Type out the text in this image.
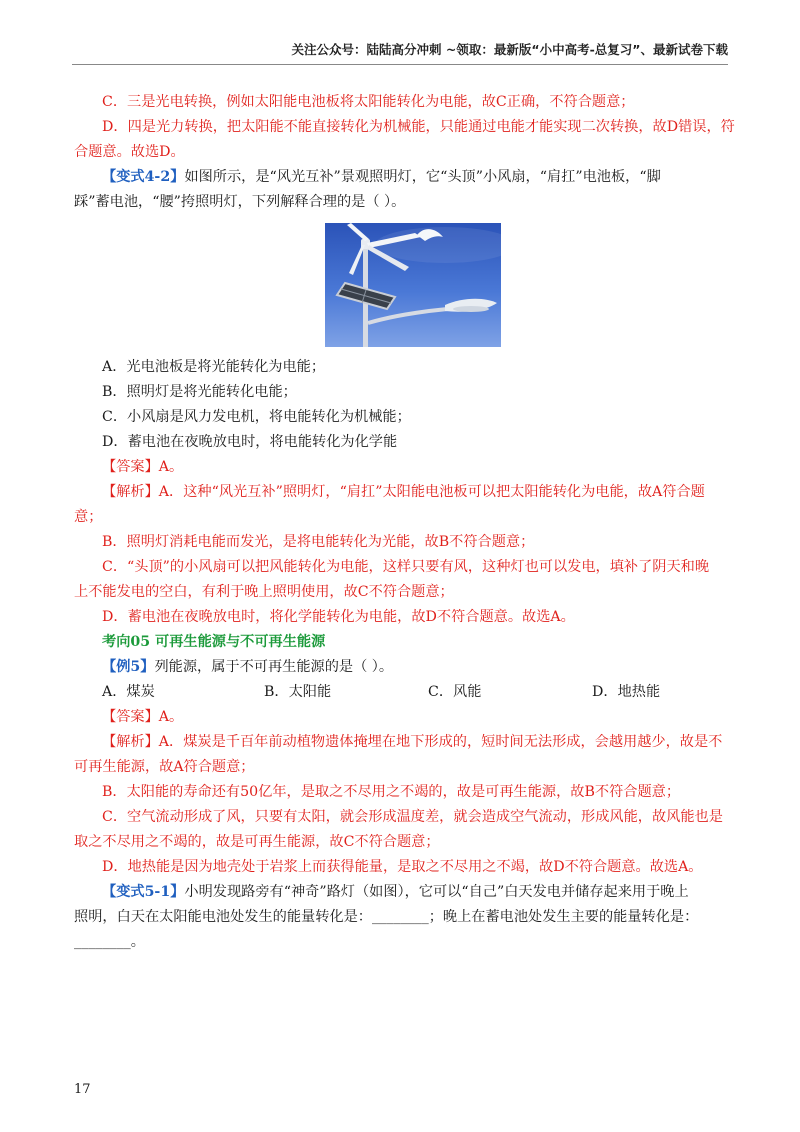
关注公众号：陆陆高分冲刺 ~领取：最新版“小中高考-总复习”、最新试卷下载

C．三是光电转换，例如太阳能电池板将太阳能转化为电能，故C正确，不符合题意；

D．四是光力转换，把太阳能不能直接转化为机械能，只能通过电能才能实现二次转换，故D错误，符

合题意。故选D。

【变式4-2】如图所示，是“风光互补”景观照明灯，它“头顶”小风扇，“肩扛”电池板，“脚

踩”蓄电池，“腰”挎照明灯，下列解释合理的是（ ）。

A．光电池板是将光能转化为电能；

B．照明灯是将光能转化电能；

C．小风扇是风力发电机，将电能转化为机械能；

D．蓄电池在夜晚放电时，将电能转化为化学能

【答案】A。

【解析】A．这种“风光互补”照明灯，“肩扛”太阳能电池板可以把太阳能转化为电能，故A符合题

意；

B．照明灯消耗电能而发光，是将电能转化为光能，故B不符合题意；

C．“头顶”的小风扇可以把风能转化为电能，这样只要有风，这种灯也可以发电，填补了阴天和晚

上不能发电的空白，有利于晚上照明使用，故C不符合题意；

D．蓄电池在夜晚放电时，将化学能转化为电能，故D不符合题意。故选A。

考向05 可再生能源与不可再生能源

【例5】列能源，属于不可再生能源的是（ ）。

A．煤炭	B．太阳能	C．风能	D．地热能

【答案】A。

【解析】A．煤炭是千百年前动植物遗体掩埋在地下形成的，短时间无法形成，会越用越少，故是不

可再生能源，故A符合题意；

B．太阳能的寿命还有50亿年，是取之不尽用之不竭的，故是可再生能源，故B不符合题意；

C．空气流动形成了风，只要有太阳，就会形成温度差，就会造成空气流动，形成风能，故风能也是

取之不尽用之不竭的，故是可再生能源，故C不符合题意；

D．地热能是因为地壳处于岩浆上而获得能量，是取之不尽用之不竭，故D不符合题意。故选A。

【变式5-1】小明发现路旁有“神奇”路灯（如图），它可以“自己”白天发电并储存起来用于晚上

照明，白天在太阳能电池处发生的能量转化是：________；晚上在蓄电池处发生主要的能量转化是：

________。

17
